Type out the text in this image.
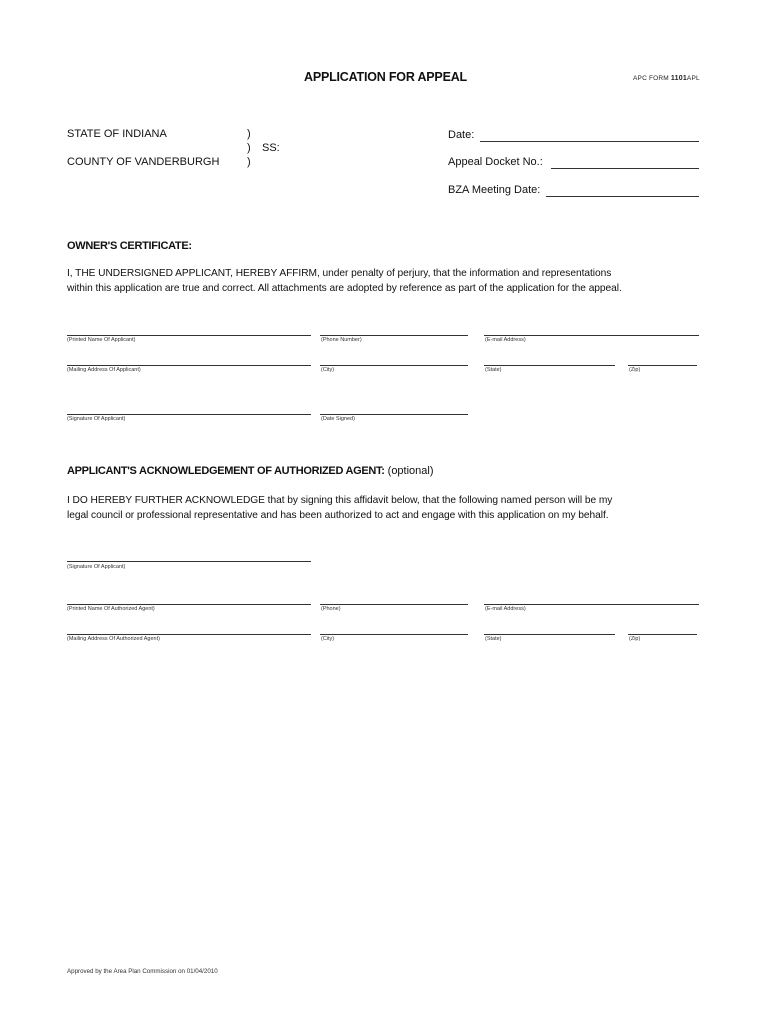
APPLICATION FOR APPEAL	APC FORM 1101APL
STATE OF INDIANA
COUNTY OF VANDERBURGH
)
)
)
SS:
Date:
Appeal Docket No.:
BZA Meeting Date:
OWNER'S CERTIFICATE:
I, THE UNDERSIGNED APPLICANT, HEREBY AFFIRM, under penalty of perjury, that the information and representations
within this application are true and correct. All attachments are adopted by reference as part of the application for the appeal.
(Printed Name Of Applicant)	(Phone Number)	(E-mail Address)
(Mailing Address Of Applicant)	(City)	(State)	(Zip)
(Signature Of Applicant)	(Date Signed)
APPLICANT'S ACKNOWLEDGEMENT OF AUTHORIZED AGENT: (optional)
I DO HEREBY FURTHER ACKNOWLEDGE that by signing this affidavit below, that the following named person will be my
legal council or professional representative and has been authorized to act and engage with this application on my behalf.
(Signature Of Applicant)
(Printed Name Of Authorized Agent)	(Phone)	(E-mail Address)
(Mailing Address Of Authorized Agent)	(City)	(State)	(Zip)
Approved by the Area Plan Commission on 01/04/2010
